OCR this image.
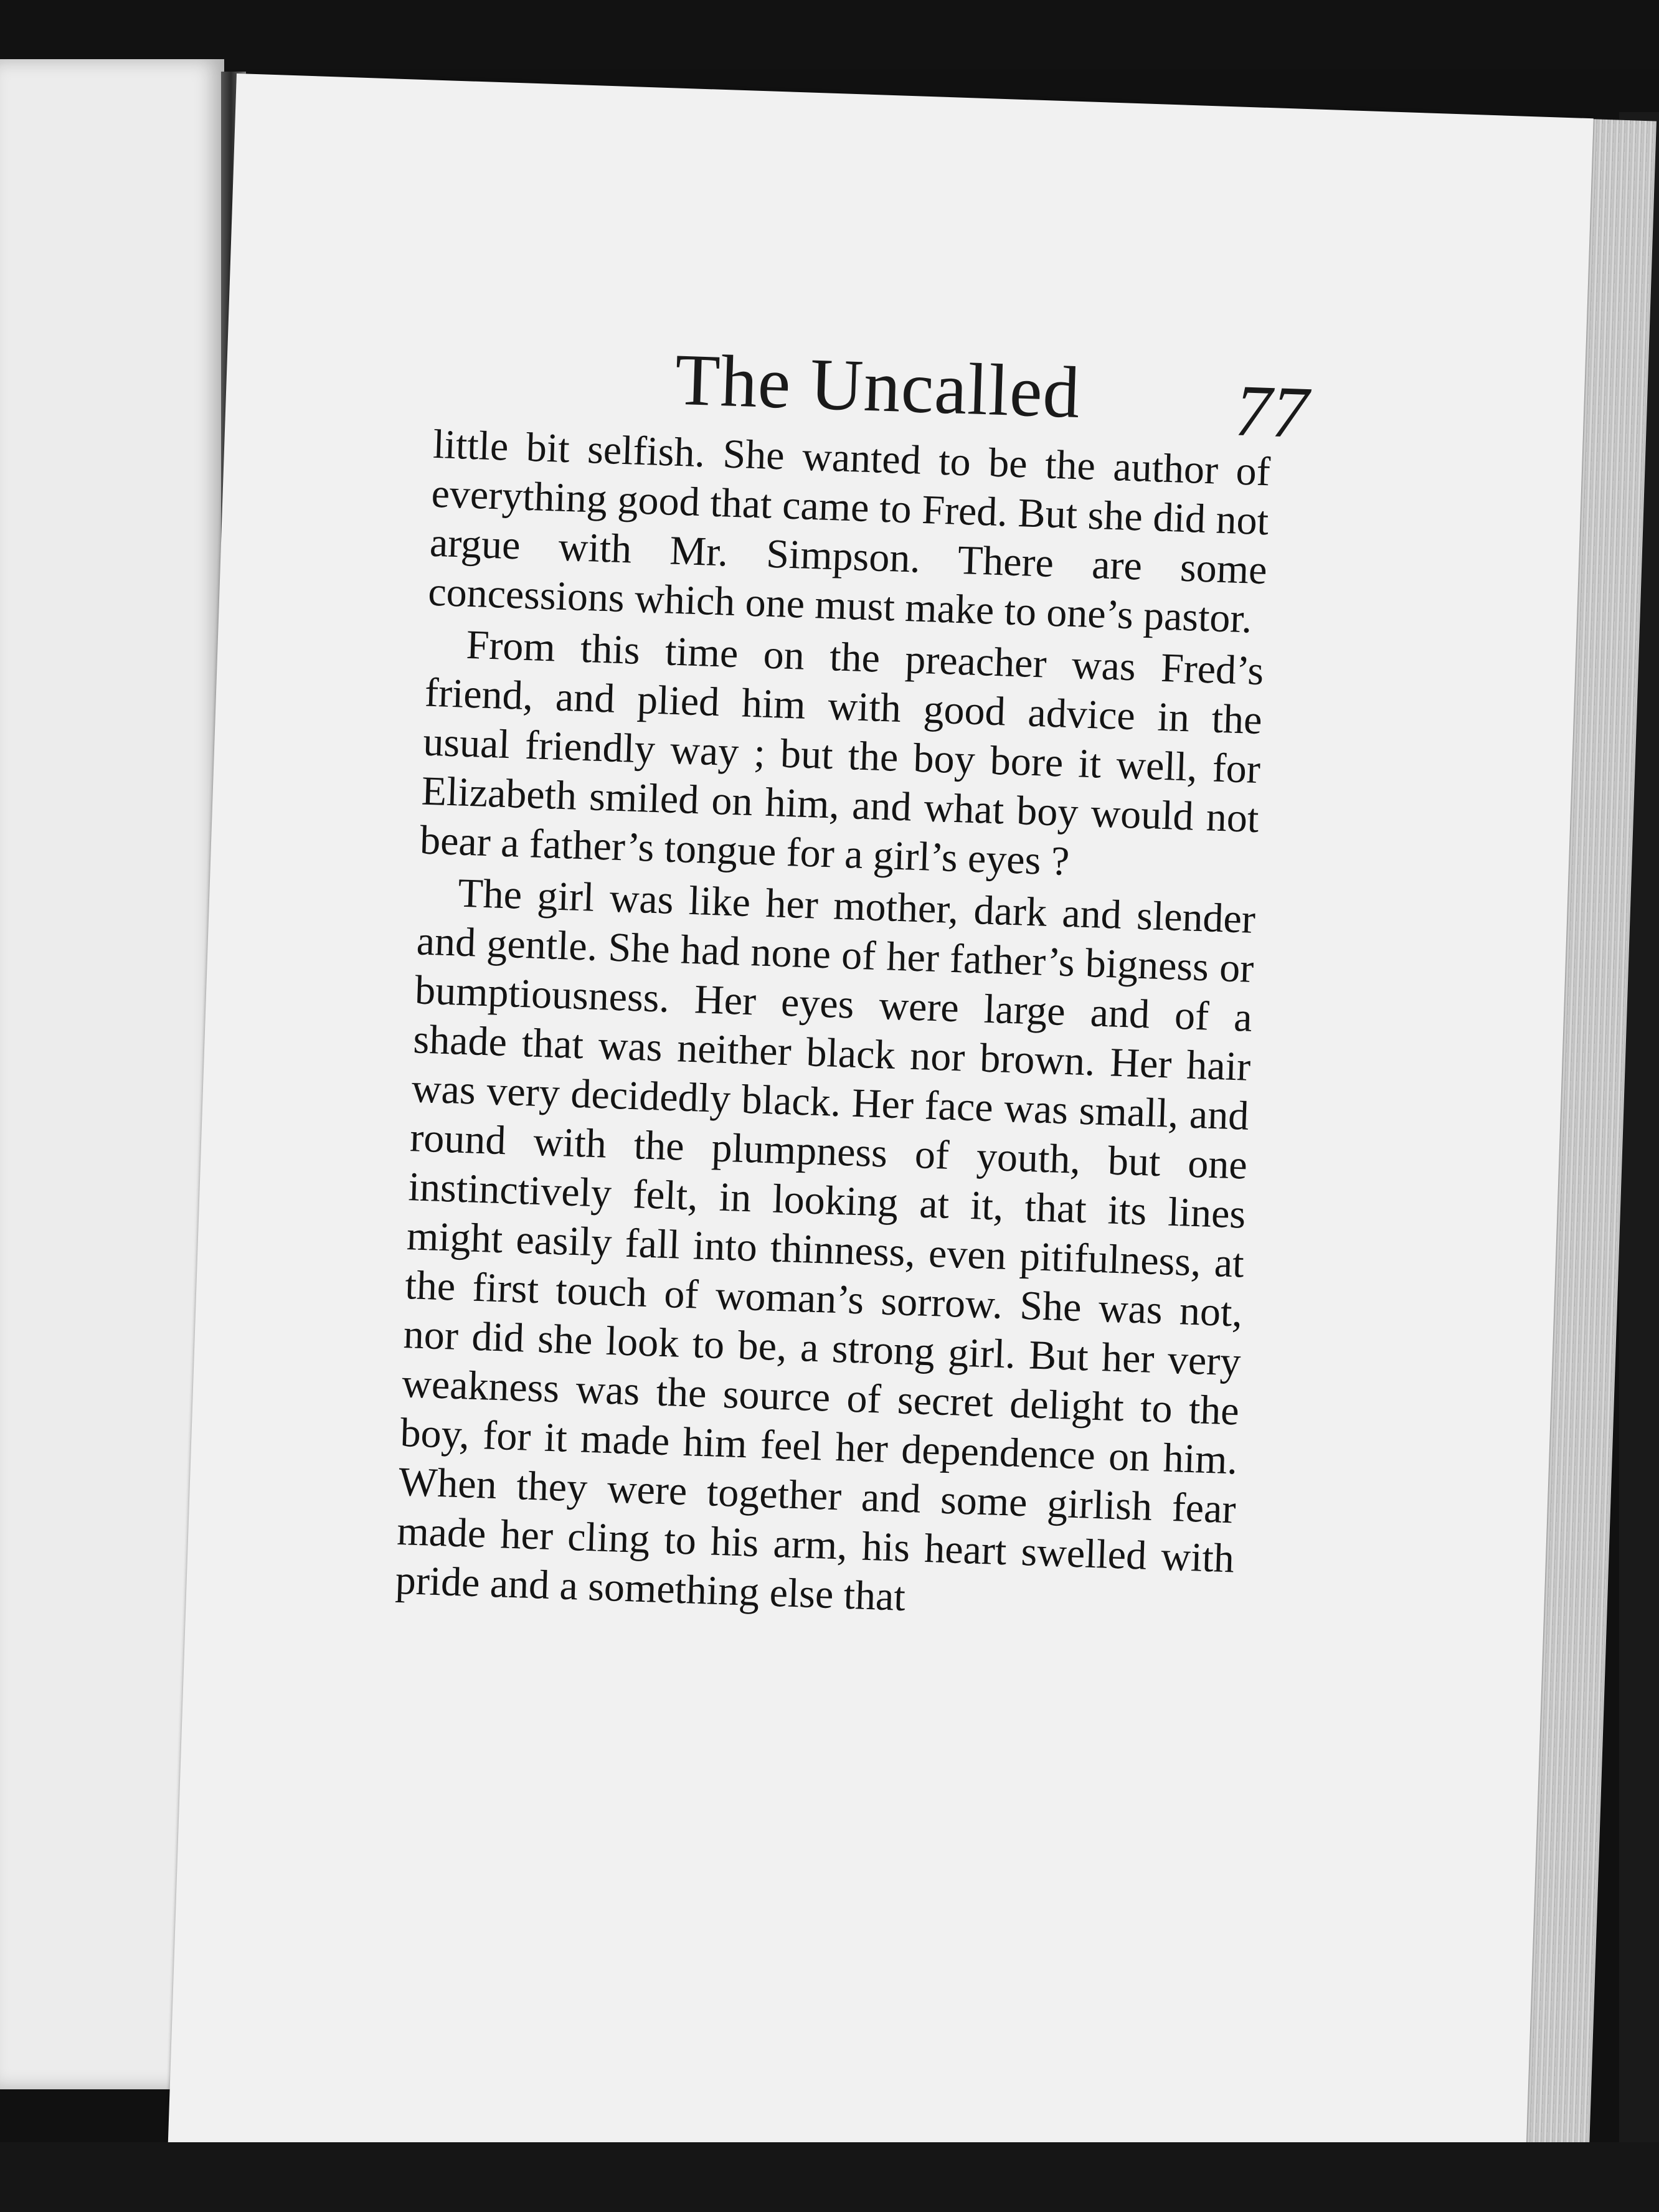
The Uncalled 77

little bit selfish. She wanted to be the author of everything good that came to Fred. But she did not argue with Mr. Simpson. There are some concessions which one must make to one’s pastor.

From this time on the preacher was Fred’s friend, and plied him with good advice in the usual friendly way ; but the boy bore it well, for Elizabeth smiled on him, and what boy would not bear a father’s tongue for a girl’s eyes ?

The girl was like her mother, dark and slender and gentle. She had none of her father’s bigness or bumptiousness. Her eyes were large and of a shade that was neither black nor brown. Her hair was very decidedly black. Her face was small, and round with the plumpness of youth, but one instinctively felt, in looking at it, that its lines might easily fall into thinness, even pitifulness, at the first touch of woman’s sorrow. She was not, nor did she look to be, a strong girl. But her very weakness was the source of secret delight to the boy, for it made him feel her dependence on him. When they were together and some girlish fear made her cling to his arm, his heart swelled with pride and a something else that
